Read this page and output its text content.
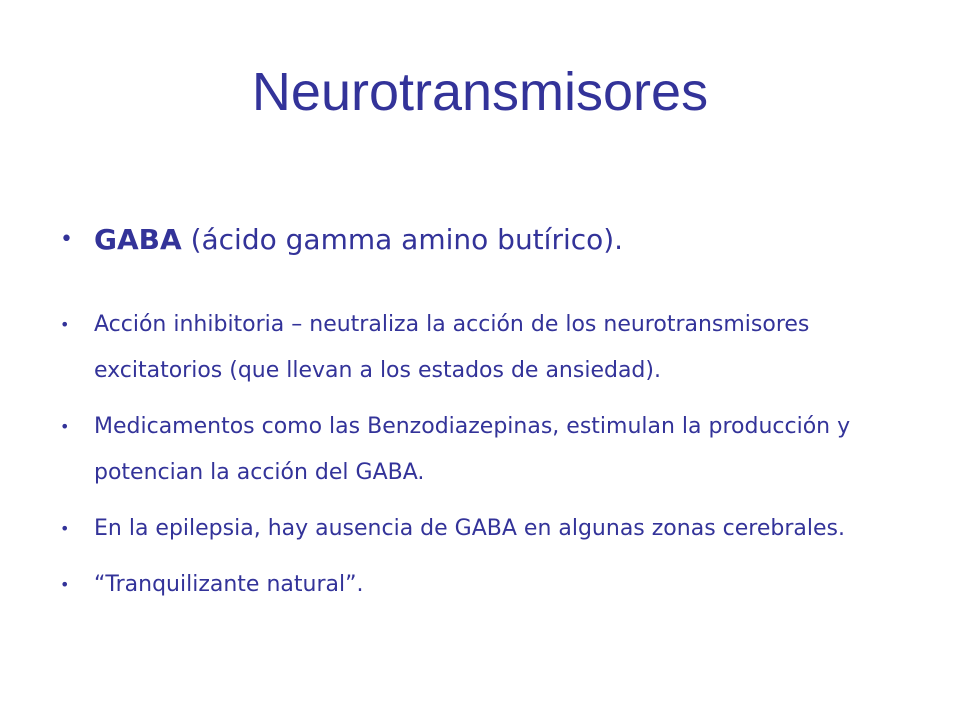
Neurotransmisores
• GABA (ácido gamma amino butírico).
• Acción inhibitoria – neutraliza la acción de los neurotransmisores excitatorios (que llevan a los estados de ansiedad).
• Medicamentos como las Benzodiazepinas, estimulan la producción y potencian la acción del GABA.
• En la epilepsia, hay ausencia de GABA en algunas zonas cerebrales.
• “Tranquilizante natural”.
